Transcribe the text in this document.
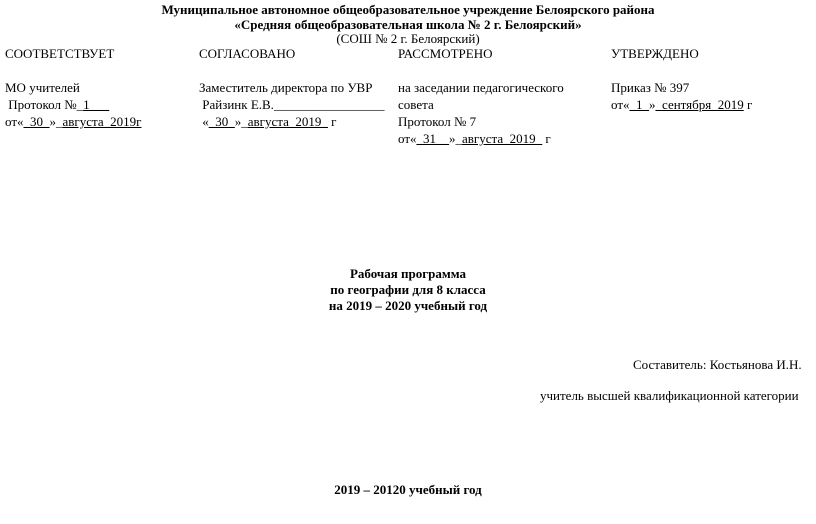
Муниципальное автономное общеобразовательное учреждение Белоярского района
«Средняя общеобразовательная школа № 2 г. Белоярский»
(СОШ № 2 г. Белоярский)
СООТВЕТСТВУЕТ
МО учителей
Протокол №_1___
от«_30_»_августа_2019г
СОГЛАСОВАНО
Заместитель директора по УВР
Райзинк Е.В._________________
«_30_»_августа_2019_ г
РАССМОТРЕНО
на заседании педагогического
совета
Протокол № 7
от«_31__»_августа_2019_ г
УТВЕРЖДЕНО
Приказ № 397
от«_1_»_сентября_2019 г
Рабочая программа
по географии для 8 класса
на 2019 – 2020 учебный год
Составитель: Костьянова И.Н.
учитель высшей квалификационной категории
2019 – 20120 учебный год
